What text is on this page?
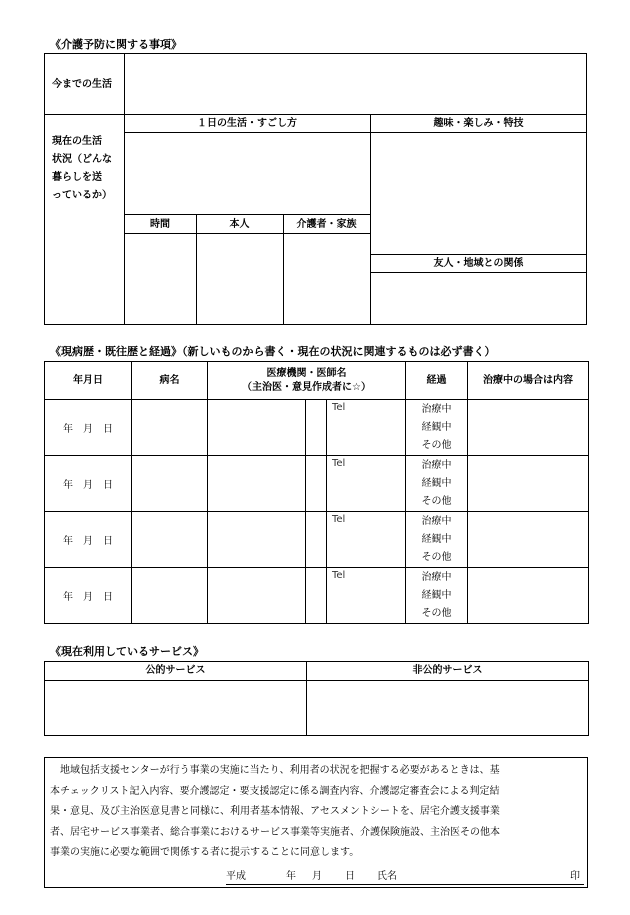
《介護予防に関する事項》
今までの生活
現在の生活
状況（どんな
暮らしを送
っているか）
１日の生活・すごし方	趣味・楽しみ・特技
時間	本人	介護者・家族
友人・地域との関係
《現病歴・既往歴と経過》（新しいものから書く・現在の状況に関連するものは必ず書く）
年月日	病名	医療機関・医師名
（主治医・意見作成者に☆）			経過	治療中の場合は内容
年　月　日				Tel	治療中
経観中
その他	

年　月　日				Tel	治療中
経観中
その他	

年　月　日				Tel	治療中
経観中
その他	

年　月　日				Tel	治療中
経観中
その他	

《現在利用しているサービス》
公的サービス	非公的サービス

　地域包括支援センターが行う事業の実施に当たり、利用者の状況を把握する必要があるときは、基
本チェックリスト記入内容、要介護認定・要支援認定に係る調査内容、介護認定審査会による判定結
果・意見、及び主治医意見書と同様に、利用者基本情報、アセスメントシートを、居宅介護支援事業
者、居宅サービス事業者、総合事業におけるサービス事業等実施者、介護保険施設、主治医その他本
事業の実施に必要な範囲で関係する者に提示することに同意します。
平成	年 月 日 氏名	印
